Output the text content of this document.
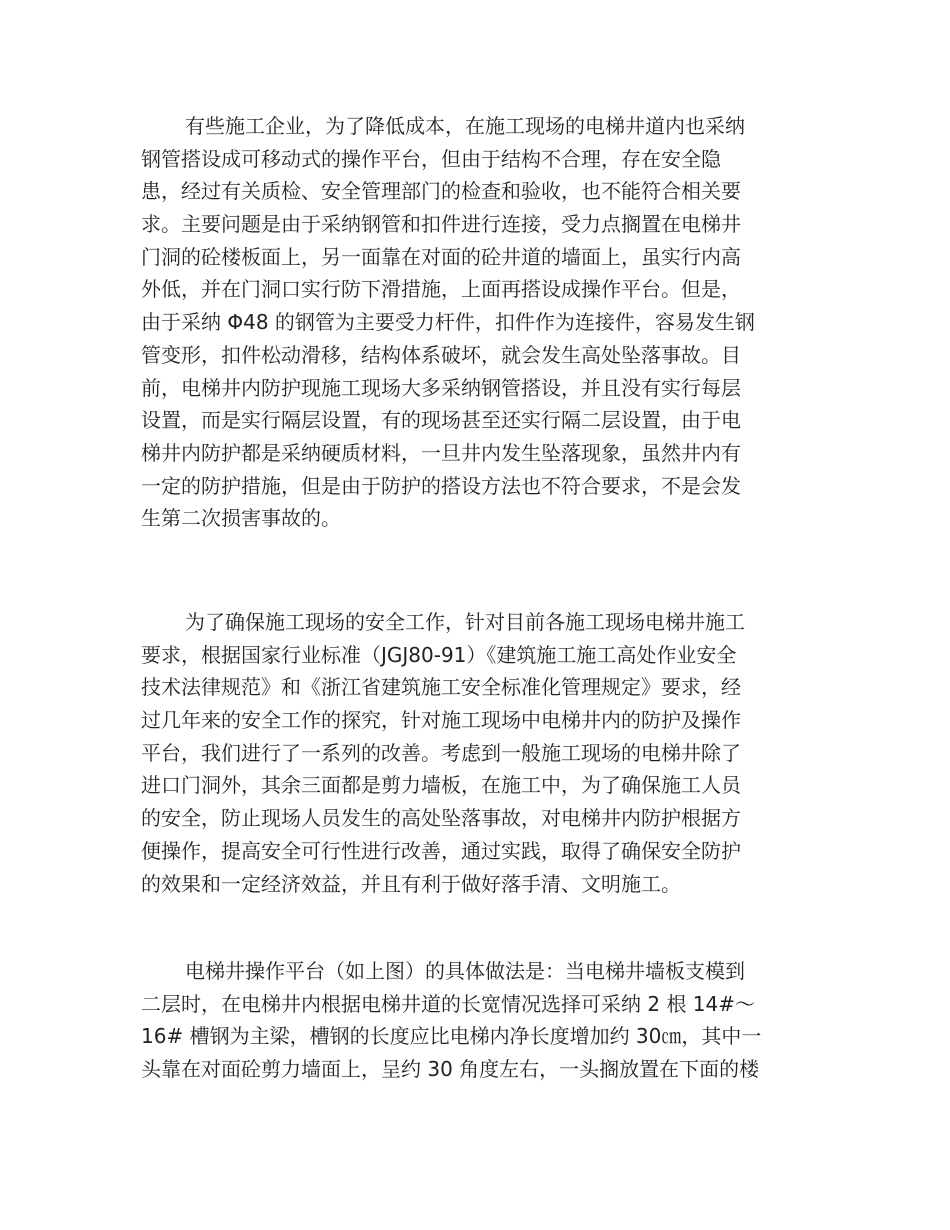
有些施工企业，为了降低成本，在施工现场的电梯井道内也采纳
钢管搭设成可移动式的操作平台，但由于结构不合理，存在安全隐
患，经过有关质检、安全管理部门的检查和验收，也不能符合相关要
求。主要问题是由于采纳钢管和扣件进行连接，受力点搁置在电梯井
门洞的砼楼板面上，另一面靠在对面的砼井道的墙面上，虽实行内高
外低，并在门洞口实行防下滑措施，上面再搭设成操作平台。但是，
由于采纳 Φ48 的钢管为主要受力杆件，扣件作为连接件，容易发生钢
管变形，扣件松动滑移，结构体系破坏，就会发生高处坠落事故。目
前，电梯井内防护现施工现场大多采纳钢管搭设，并且没有实行每层
设置，而是实行隔层设置，有的现场甚至还实行隔二层设置，由于电
梯井内防护都是采纳硬质材料，一旦井内发生坠落现象，虽然井内有
一定的防护措施，但是由于防护的搭设方法也不符合要求，不是会发
生第二次损害事故的。
为了确保施工现场的安全工作，针对目前各施工现场电梯井施工
要求，根据国家行业标准（JGJ80-91）《建筑施工施工高处作业安全
技术法律规范》和《浙江省建筑施工安全标准化管理规定》要求，经
过几年来的安全工作的探究，针对施工现场中电梯井内的防护及操作
平台，我们进行了一系列的改善。考虑到一般施工现场的电梯井除了
进口门洞外，其余三面都是剪力墙板，在施工中，为了确保施工人员
的安全，防止现场人员发生的高处坠落事故，对电梯井内防护根据方
便操作，提高安全可行性进行改善，通过实践，取得了确保安全防护
的效果和一定经济效益，并且有利于做好落手清、文明施工。
电梯井操作平台（如上图）的具体做法是：当电梯井墙板支模到
二层时，在电梯井内根据电梯井道的长宽情况选择可采纳 2 根 14#～
16# 槽钢为主梁，槽钢的长度应比电梯内净长度增加约 30㎝，其中一
头靠在对面砼剪力墙面上，呈约 30 角度左右，一头搁放置在下面的楼
